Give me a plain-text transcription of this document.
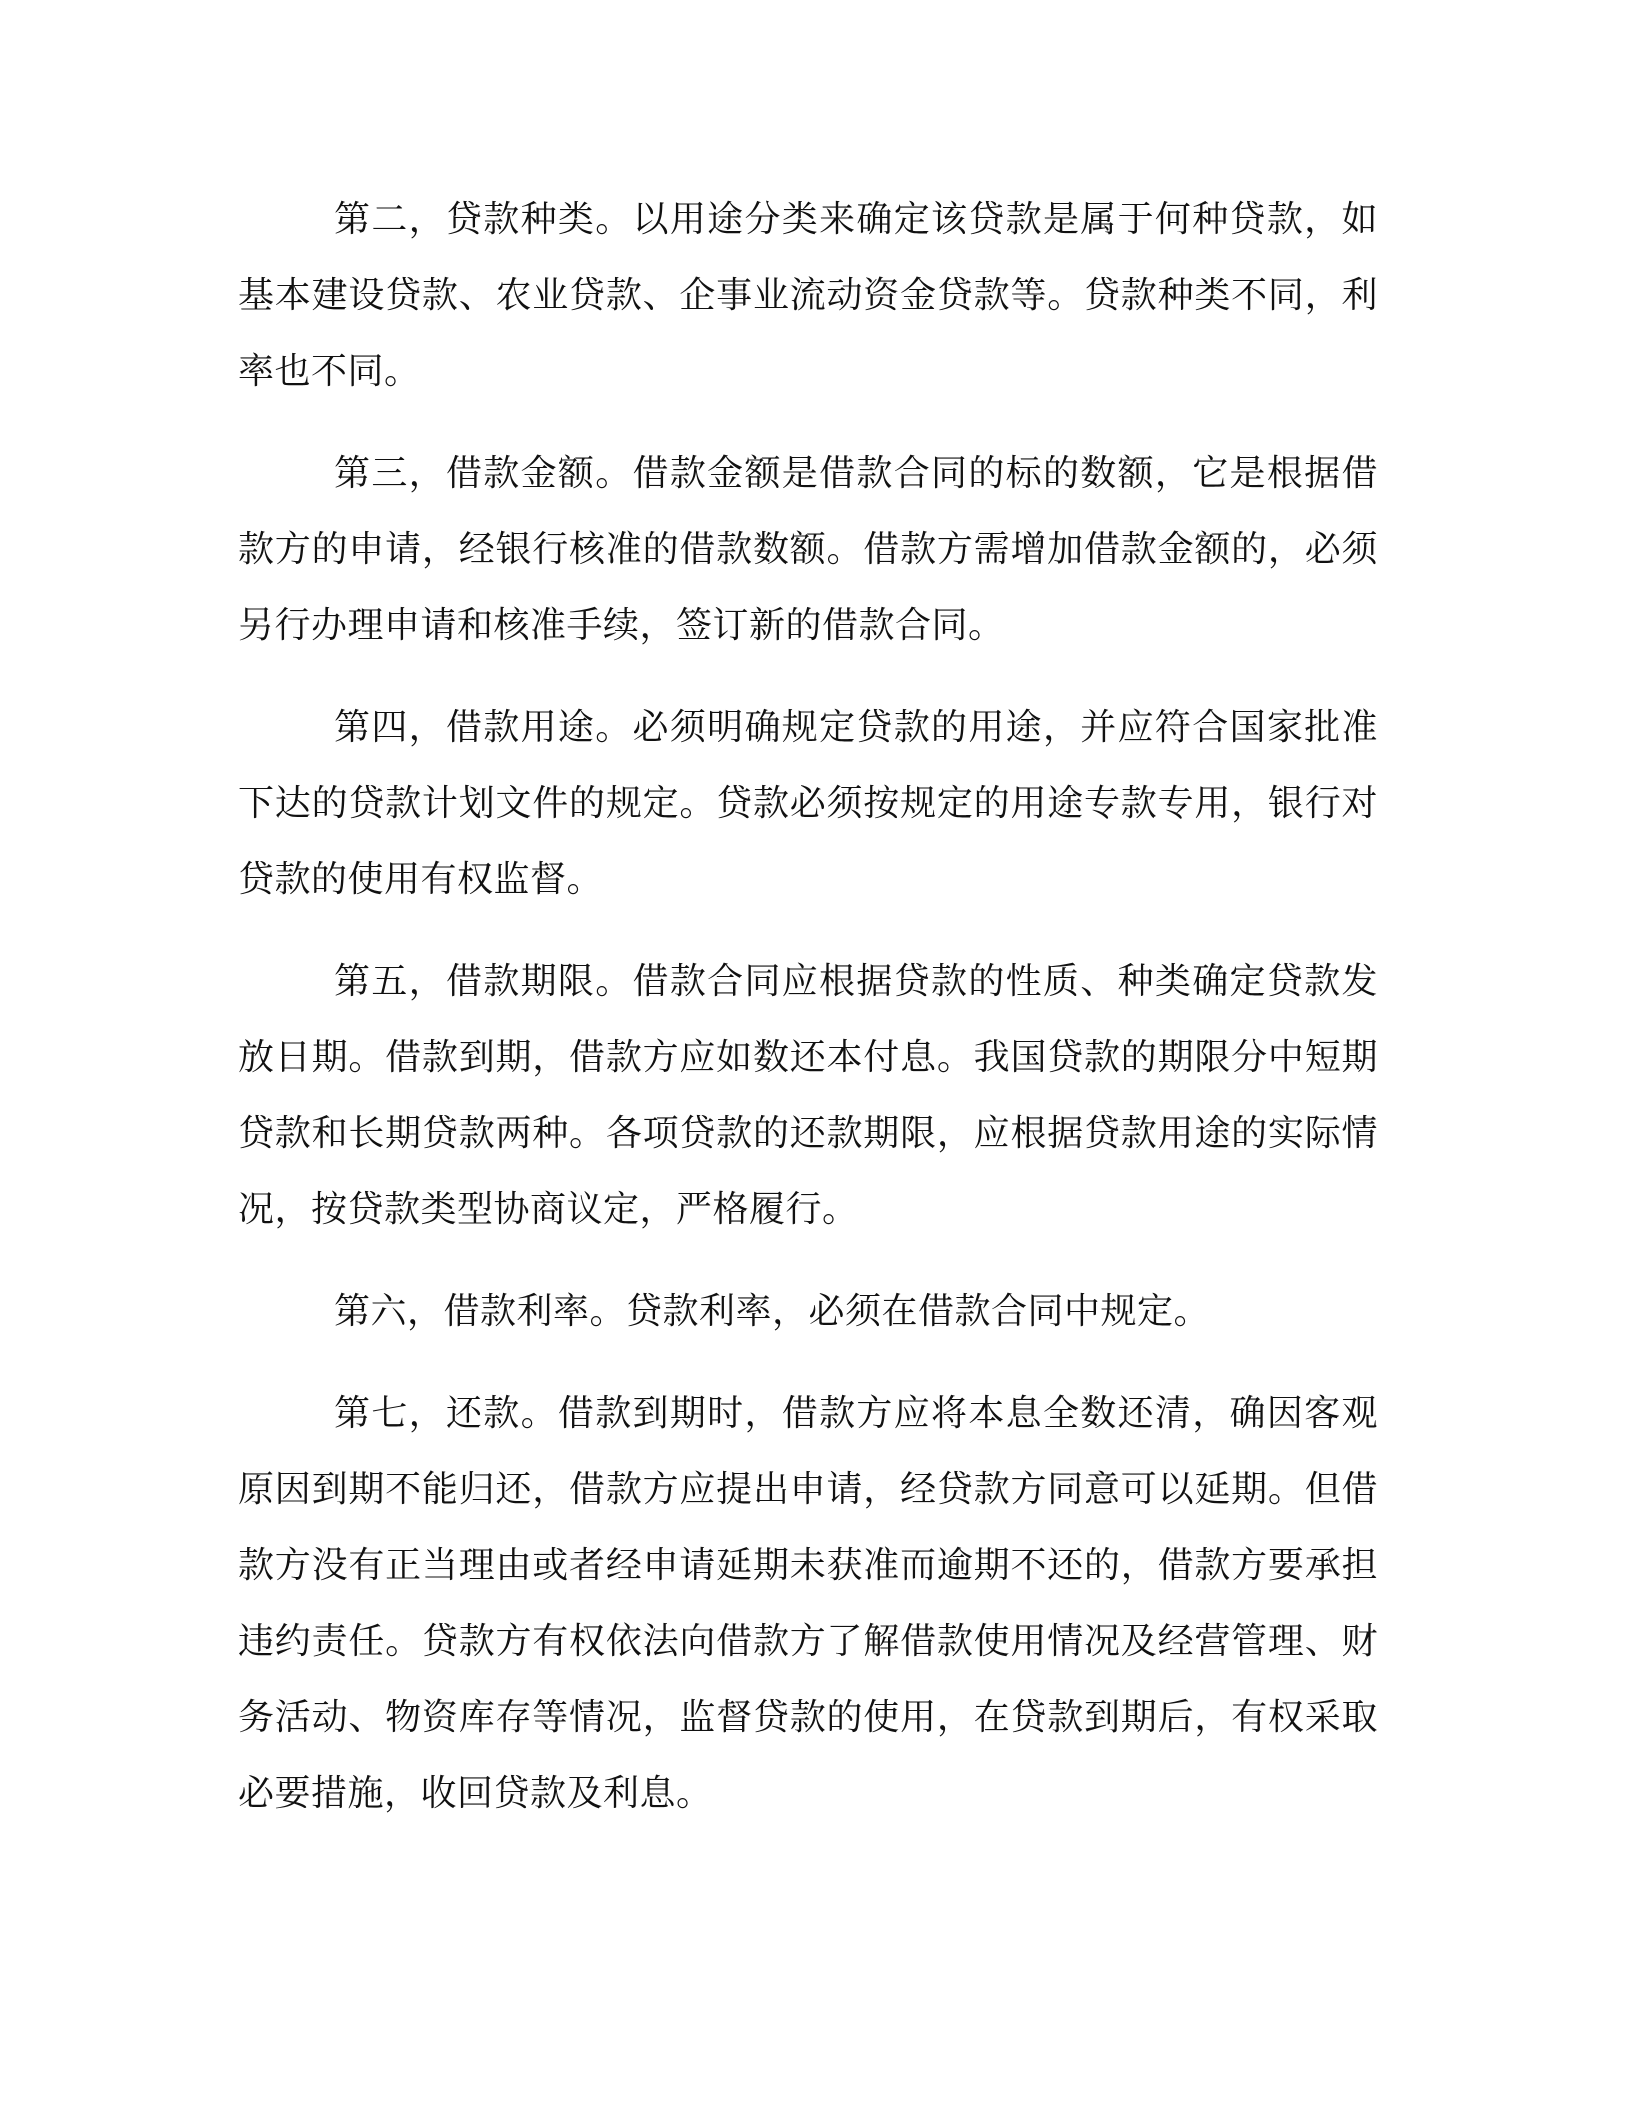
第二，贷款种类。以用途分类来确定该贷款是属于何种贷款，如基本建设贷款、农业贷款、企事业流动资金贷款等。贷款种类不同，利率也不同。

第三，借款金额。借款金额是借款合同的标的数额，它是根据借款方的申请，经银行核准的借款数额。借款方需增加借款金额的，必须另行办理申请和核准手续，签订新的借款合同。

第四，借款用途。必须明确规定贷款的用途，并应符合国家批准下达的贷款计划文件的规定。贷款必须按规定的用途专款专用，银行对贷款的使用有权监督。

第五，借款期限。借款合同应根据贷款的性质、种类确定贷款发放日期。借款到期，借款方应如数还本付息。我国贷款的期限分中短期贷款和长期贷款两种。各项贷款的还款期限，应根据贷款用途的实际情况，按贷款类型协商议定，严格履行。

第六，借款利率。贷款利率，必须在借款合同中规定。

第七，还款。借款到期时，借款方应将本息全数还清，确因客观原因到期不能归还，借款方应提出申请，经贷款方同意可以延期。但借款方没有正当理由或者经申请延期未获准而逾期不还的，借款方要承担违约责任。贷款方有权依法向借款方了解借款使用情况及经营管理、财务活动、物资库存等情况，监督贷款的使用，在贷款到期后，有权采取必要措施，收回贷款及利息。
